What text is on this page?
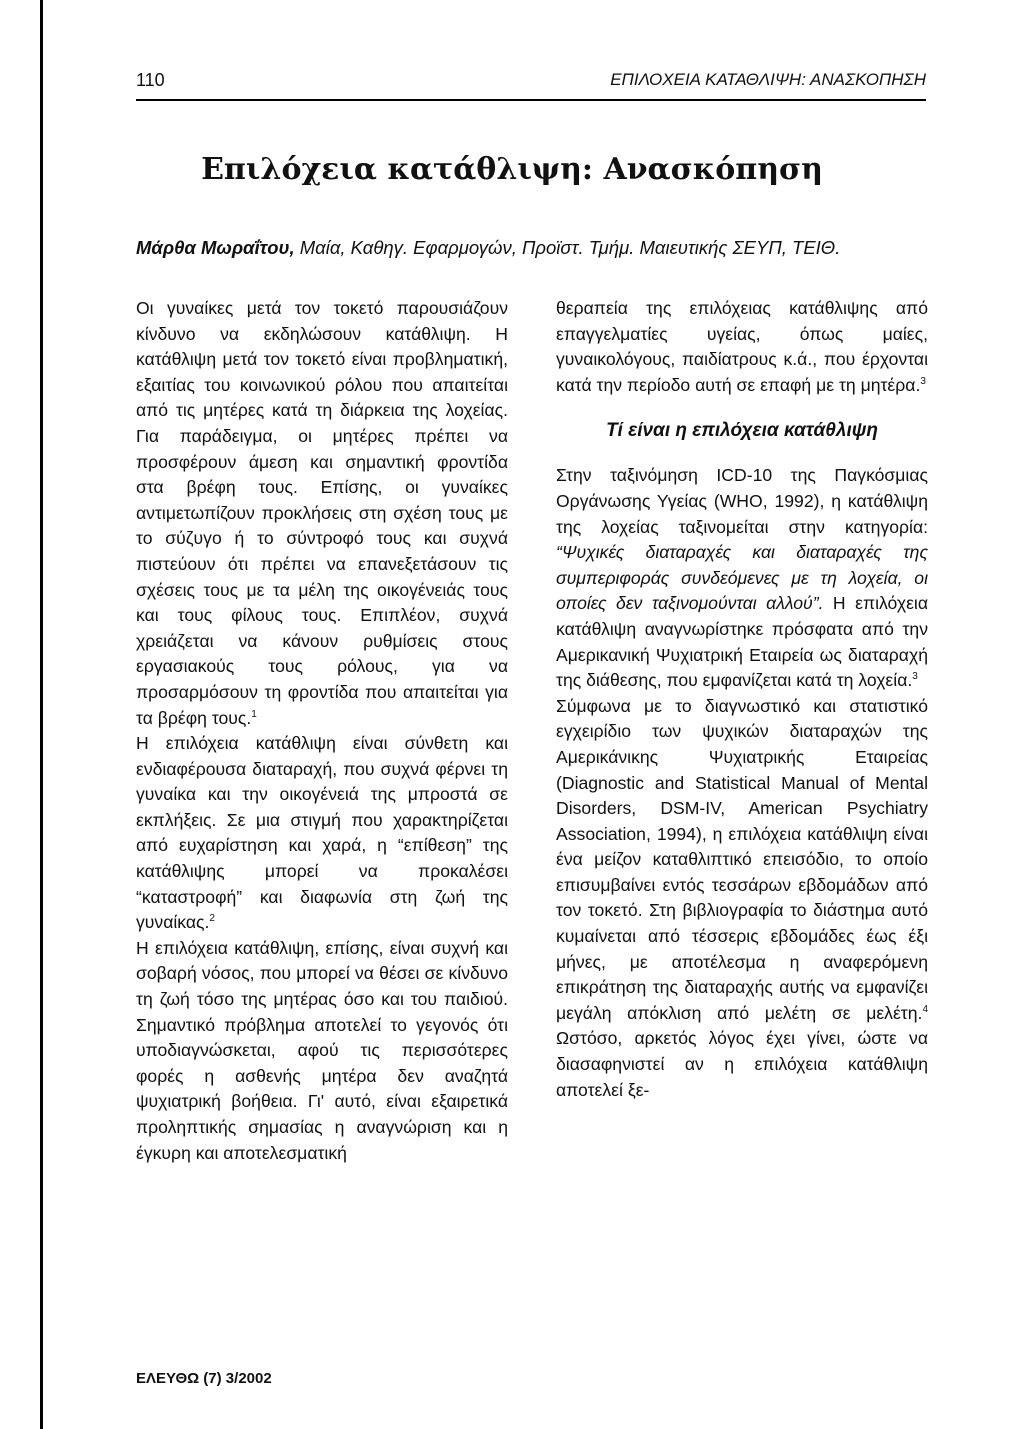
110	ΕΠΙΛΟΧΕΙΑ ΚΑΤΑΘΛΙΨΗ: ΑΝΑΣΚΟΠΗΣΗ
Επιλόχεια κατάθλιψη: Ανασκόπηση
Μάρθα Μωραΐτου, Μαία, Καθηγ. Εφαρμογών, Προϊστ. Τμήμ. Μαιευτικής ΣΕΥΠ, ΤΕΙΘ.

Οι γυναίκες μετά τον τοκετό παρουσιάζουν κίνδυνο να εκδηλώσουν κατάθλιψη. Η κατάθλιψη μετά τον τοκετό είναι προβληματική, εξαιτίας του κοινωνικού ρόλου που απαιτείται από τις μητέρες κατά τη διάρκεια της λοχείας. Για παράδειγμα, οι μητέρες πρέπει να προσφέρουν άμεση και σημαντική φροντίδα στα βρέφη τους. Επίσης, οι γυναίκες αντιμετωπίζουν προκλήσεις στη σχέση τους με το σύζυγο ή το σύντροφό τους και συχνά πιστεύουν ότι πρέπει να επανεξετάσουν τις σχέσεις τους με τα μέλη της οικογένειάς τους και τους φίλους τους. Επιπλέον, συχνά χρειάζεται να κάνουν ρυθμίσεις στους εργασιακούς τους ρόλους, για να προσαρμόσουν τη φροντίδα που απαιτείται για τα βρέφη τους.$^1$

Η επιλόχεια κατάθλιψη είναι σύνθετη και ενδιαφέρουσα διαταραχή, που συχνά φέρνει τη γυναίκα και την οικογένειά της μπροστά σε εκπλήξεις. Σε μια στιγμή που χαρακτηρίζεται από ευχαρίστηση και χαρά, η “επίθεση” της κατάθλιψης μπορεί να προκαλέσει “καταστροφή” και διαφωνία στη ζωή της γυναίκας.$^2$

Η επιλόχεια κατάθλιψη, επίσης, είναι συχνή και σοβαρή νόσος, που μπορεί να θέσει σε κίνδυνο τη ζωή τόσο της μητέρας όσο και του παιδιού. Σημαντικό πρόβλημα αποτελεί το γεγονός ότι υποδιαγνώσκεται, αφού τις περισσότερες φορές η ασθενής μητέρα δεν αναζητά ψυχιατρική βοήθεια. Γι' αυτό, είναι εξαιρετικά προληπτικής σημασίας η αναγνώριση και η έγκυρη και αποτελεσματική

θεραπεία της επιλόχειας κατάθλιψης από επαγγελματίες υγείας, όπως μαίες, γυναικολόγους, παιδίατρους κ.ά., που έρχονται κατά την περίοδο αυτή σε επαφή με τη μητέρα.$^3$

Τί είναι η επιλόχεια κατάθλιψη

Στην ταξινόμηση ICD-10 της Παγκόσμιας Οργάνωσης Υγείας (WHO, 1992), η κατάθλιψη της λοχείας ταξινομείται στην κατηγορία: “Ψυχικές διαταραχές και διαταραχές της συμπεριφοράς συνδεόμενες με τη λοχεία, οι οποίες δεν ταξινομούνται αλλού”. Η επιλόχεια κατάθλιψη αναγνωρίστηκε πρόσφατα από την Αμερικανική Ψυχιατρική Εταιρεία ως διαταραχή της διάθεσης, που εμφανίζεται κατά τη λοχεία.$^3$

Σύμφωνα με το διαγνωστικό και στατιστικό εγχειρίδιο των ψυχικών διαταραχών της Αμερικάνικης Ψυχιατρικής Εταιρείας (Diagnostic and Statistical Manual of Mental Disorders, DSM-IV, American Psychiatry Association, 1994), η επιλόχεια κατάθλιψη είναι ένα μείζον καταθλιπτικό επεισόδιο, το οποίο επισυμβαίνει εντός τεσσάρων εβδομάδων από τον τοκετό. Στη βιβλιογραφία το διάστημα αυτό κυμαίνεται από τέσσερις εβδομάδες έως έξι μήνες, με αποτέλεσμα η αναφερόμενη επικράτηση της διαταραχής αυτής να εμφανίζει μεγάλη απόκλιση από μελέτη σε μελέτη.$^4$ Ωστόσο, αρκετός λόγος έχει γίνει, ώστε να διασαφηνιστεί αν η επιλόχεια κατάθλιψη αποτελεί ξε-

ΕΛΕΥΘΩ (7) 3/2002
